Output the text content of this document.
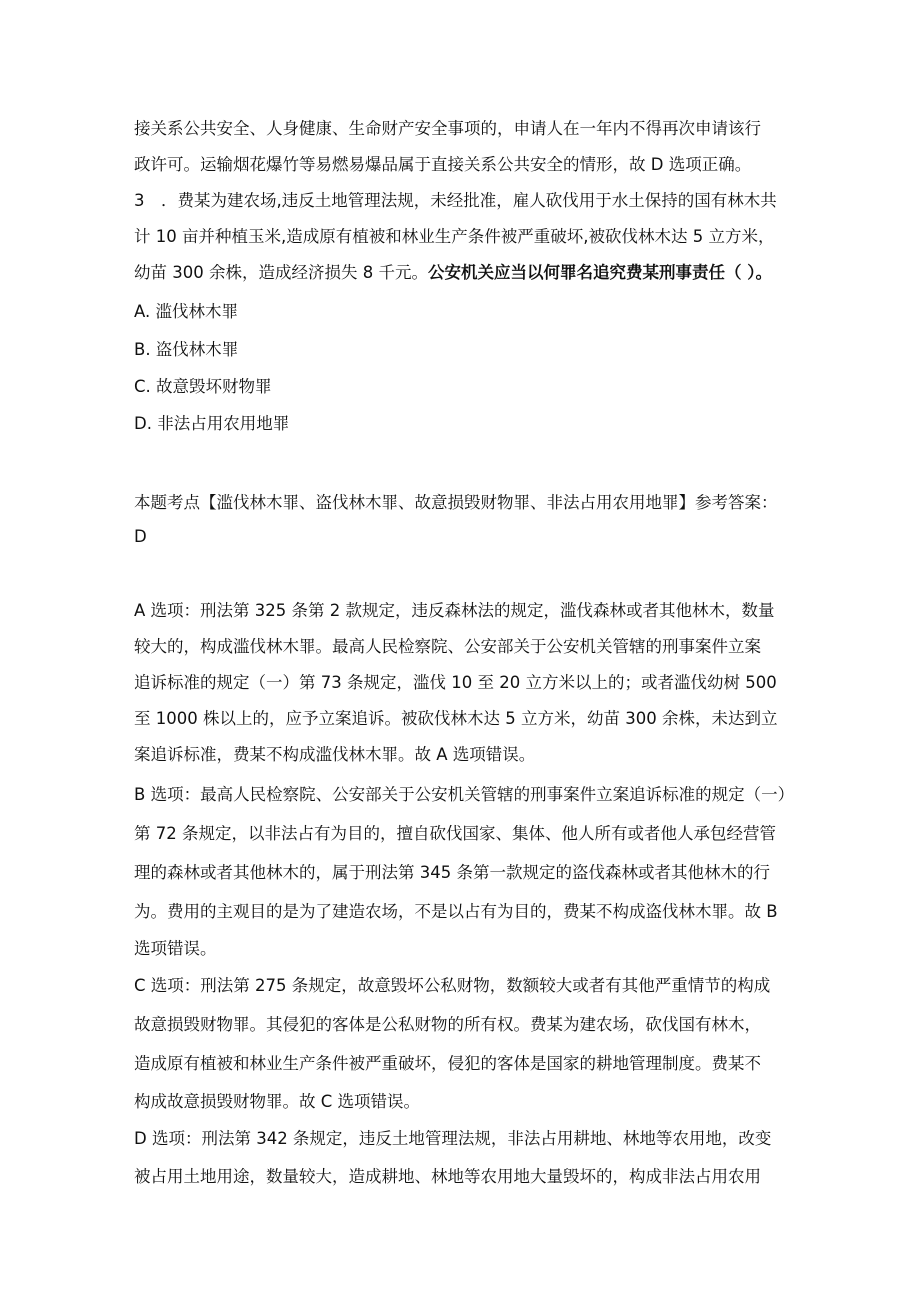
接关系公共安全、人身健康、生命财产安全事项的，申请人在一年内不得再次申请该行
政许可。运输烟花爆竹等易燃易爆品属于直接关系公共安全的情形，故 D 选项正确。
3　．费某为建农场,违反土地管理法规，未经批准，雇人砍伐用于水土保持的国有林木共
计 10 亩并种植玉米,造成原有植被和林业生产条件被严重破坏,被砍伐林木达 5 立方米，
幼苗 300 余株，造成经济损失 8 千元。公安机关应当以何罪名追究费某刑事责任（ ）。
A. 滥伐林木罪
B. 盗伐林木罪
C. 故意毁坏财物罪
D. 非法占用农用地罪
本题考点【滥伐林木罪、盗伐林木罪、故意损毁财物罪、非法占用农用地罪】参考答案：
D
A 选项：刑法第 325 条第 2 款规定，违反森林法的规定，滥伐森林或者其他林木，数量
较大的，构成滥伐林木罪。最高人民检察院、公安部关于公安机关管辖的刑事案件立案
追诉标准的规定（一）第 73 条规定，滥伐 10 至 20 立方米以上的；或者滥伐幼树 500
至 1000 株以上的，应予立案追诉。被砍伐林木达 5 立方米，幼苗 300 余株，未达到立
案追诉标准，费某不构成滥伐林木罪。故 A 选项错误。
B 选项：最高人民检察院、公安部关于公安机关管辖的刑事案件立案追诉标准的规定（一）
第 72 条规定，以非法占有为目的，擅自砍伐国家、集体、他人所有或者他人承包经营管
理的森林或者其他林木的，属于刑法第 345 条第一款规定的盗伐森林或者其他林木的行
为。费用的主观目的是为了建造农场，不是以占有为目的，费某不构成盗伐林木罪。故 B
选项错误。
C 选项：刑法第 275 条规定，故意毁坏公私财物，数额较大或者有其他严重情节的构成
故意损毁财物罪。其侵犯的客体是公私财物的所有权。费某为建农场，砍伐国有林木，
造成原有植被和林业生产条件被严重破坏，侵犯的客体是国家的耕地管理制度。费某不
构成故意损毁财物罪。故 C 选项错误。
D 选项：刑法第 342 条规定，违反土地管理法规，非法占用耕地、林地等农用地，改变
被占用土地用途，数量较大，造成耕地、林地等农用地大量毁坏的，构成非法占用农用
